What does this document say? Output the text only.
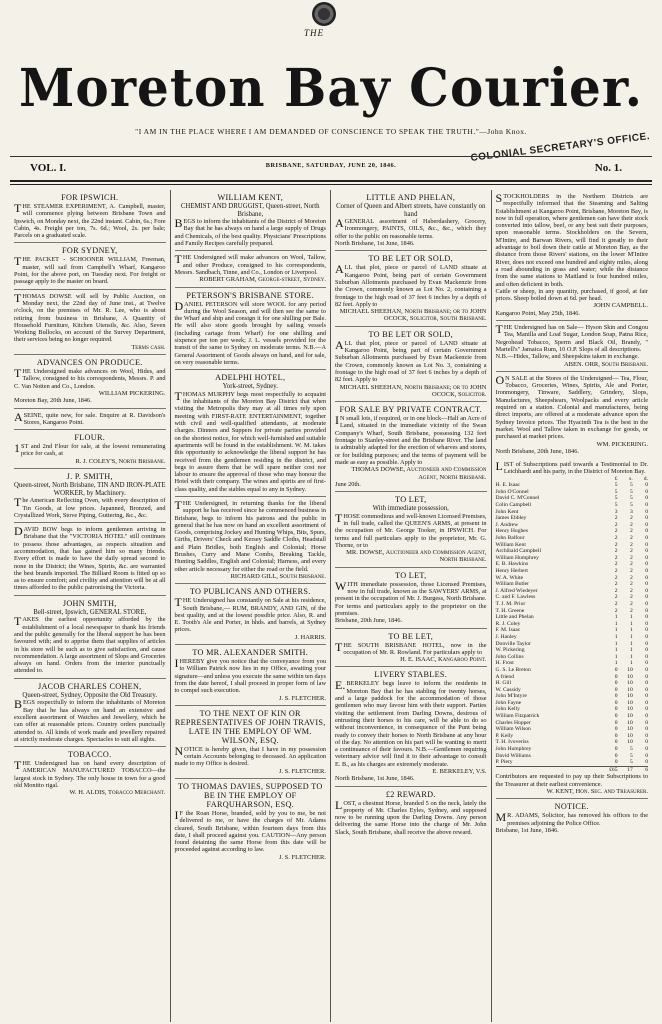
THE
Moreton Bay Courier.
"I AM IN THE PLACE WHERE I AM DEMANDED OF CONSCIENCE TO SPEAK THE TRUTH."—John Knox.
COLONIAL SECRETARY'S OFFICE.
VOL. I.	BRISBANE, SATURDAY, JUNE 20, 1846.	No. 1.
FOR IPSWICH.
THE STEAMER EXPERIMENT, A. Campbell, master, will commence plying between Brisbane Town and Ipswich, on Monday next, the 22nd instant. Cabin, 6s.; Fore Cabin, 4s. Freight per ton, 7s. 6d.; Wool, 2s. per bale; Parcels on a graduated scale.
FOR SYDNEY,
THE PACKET - SCHOONER WILLIAM, Freeman, master, will sail from Campbell's Wharf, Kangaroo Point, for the above port, on Tuesday next. For freight or passage apply to the master on board.
THOMAS DOWSE will sell by Public Auction, on Monday next, the 22nd day of June inst., at Twelve o'clock, on the premises of Mr. R. Lee, who is about retiring from business in Brisbane, A Quantity of Household Furniture, Kitchen Utensils, &c. Also, Seven Working Bullocks, on account of the Survey Department, their services being no longer required.
Terms cash.
ADVANCES ON PRODUCE.
THE Undersigned make advances on Wool, Hides, and Tallow, consigned to his correspondents, Messrs. P. and C. Van Notten and Co., London.
WILLIAM PICKERING.
Moreton Bay, 20th June, 1846.
ASEINE, quite new, for sale. Enquire at R. Davidson's Stores, Kangaroo Point.
FLOUR.
1ST and 2nd Flour for sale, at the lowest remunerating price for cash, at
R. J. COLEY'S, North Brisbane.
J. P. SMITH,
Queen-street, North Brisbane, TIN AND IRON-PLATE WORKER, by Machinery.
The American Reflecting Oven, with every description of Tin Goods, at low prices. Japanned, Bronzed, and Crystallized Work, Stove Piping, Guttering, &c., &c.
DAVID BOW begs to inform gentlemen arriving in Brisbane that the "VICTORIA HOTEL" still continues to possess those advantages, as respects situation and accommodation, that has gained him so many friends. Every effort is made to have the daily spread second to none in the District; the Wines, Spirits, &c. are warranted the best brands imported. The Billiard Room is fitted up so as to ensure comfort; and civility and attention will be at all times afforded to the public patronising the Victoria.
JOHN SMITH,
Bell-street, Ipswich, GENERAL STORE,
TAKES the earliest opportunity afforded by the establishment of a local newspaper to thank his friends and the public generally for the liberal support he has been favoured with; and to apprise them that supplies of articles in his store will be such as to give satisfaction, and cause recommendation. A large assortment of Slops and Groceries always on hand. Orders from the interior punctually attended to.
JACOB CHARLES COHEN,
Queen-street, Sydney, Opposite the Old Treasury.
BEGS respectfully to inform the inhabitants of Moreton Bay that he has always on hand an extensive and excellent assortment of Watches and Jewellery, which he can offer at reasonable prices. Country orders punctually attended to. All kinds of work made and jewellery repaired at strictly moderate charges. Spectacles to suit all sights.
TOBACCO.
THE Undersigned has on hand every description of AMERICAN MANUFACTURED TOBACCO—the largest stock in Sydney. The only house in town for a good old Monitto rigal.
W. H. ALDIS, Tobacco Merchant.
WILLIAM KENT,
CHEMIST AND DRUGGIST, Queen-street, North Brisbane,
BEGS to inform the inhabitants of the District of Moreton Bay that he has always on hand a large supply of Drugs and Chemicals, of the best quality. Physicians' Prescriptions and Family Recipes carefully prepared.
THE Undersigned will make advances on Wool, Tallow, and other Produce, consigned to his correspondents, Messrs. Sandbach, Tinne, and Co., London or Liverpool.
ROBERT GRAHAM, George-street, Sydney.
PETERSON'S BRISBANE STORE.
DANIEL PETERSON will store WOOL for any period during the Wool Season, and will then see the same to the Wharf and ship and consign it for one shilling per Bale. He will also store goods brought by sailing vessels (including cartage from Wharf) for one shilling and sixpence per ton per week; J. L. vessels provided for the transit of the same to Sydney on moderate terms. N.B.—A General Assortment of Goods always on hand, and for sale, on very reasonable terms.
ADELPHI HOTEL,
York-street, Sydney.
THOMAS MURPHY begs most respectfully to acquaint the inhabitants of the Moreton Bay District that when visiting the Metropolis they may at all times rely upon meeting with FIRST-RATE ENTERTAINMENT, together with civil and well-qualified attendants, at moderate charges. Dinners and Suppers for private parties provided on the shortest notice, for which well-furnished and suitable apartments will be found in the establishment. W. M. takes this opportunity to acknowledge the liberal support he has received from the gentlemen residing in the district, and begs to assure them that he will spare neither cost nor labour to ensure the approval of those who may honour the Hotel with their company. The wines and spirits are of first-class quality, and the stables equal to any in Sydney.
THE Undersigned, in returning thanks for the liberal support he has received since he commenced business in Brisbane, begs to inform his patrons and the public in general that he has now on hand an excellent assortment of Goods, comprising Jockey and Hunting Whips, Bits, Spurs, Girths, Drivers' Check and Kersey Saddle Cloths, Headstall and Plain Bridles, both English and Colonial; Horse Brushes, Curry and Mane Combs, Breaking Tackle, Hunting Saddles, English and Colonial; Harness, and every other article necessary for either the road or the field.
RICHARD GILL, South Brisbane.
TO PUBLICANS AND OTHERS.
THE Undersigned has constantly on Sale at his residence, South Brisbane,— RUM, BRANDY, AND GIN, of the best quality, and at the lowest possible price. Also, R. and E. Tooth's Ale and Porter, in hhds. and barrels, at Sydney prices.
J. HARRIS.
TO MR. ALEXANDER SMITH.
IHEREBY give you notice that the conveyance from you to William Patrick now lies in my Office, awaiting your signature—and unless you execute the same within ten days from the date hereof, I shall proceed in proper form of law to compel such execution.
J. S. FLETCHER.
TO THE NEXT OF KIN OR REPRESENTATIVES OF JOHN TRAVIS, LATE IN THE EMPLOY OF WM. WILSON, ESQ.
NOTICE is hereby given, that I have in my possession certain Accounts belonging to deceased. An application made to my Office is desired.
J. S. FLETCHER.
TO THOMAS DAVIES, SUPPOSED TO BE IN THE EMPLOY OF FARQUHARSON, ESQ.
IF the Roan Horse, branded, sold by you to me, be not delivered to me, or have the charges of Mr. Adams cleared, South Brisbane, within fourteen days from this date, I shall proceed against you. CAUTION—Any person found detaining the same Horse from this date will be proceeded against according to law.
J. S. FLETCHER.
LITTLE AND PHELAN,
Corner of Queen and Albert streets, have constantly on hand
AGENERAL assortment of Haberdashery, Grocery, Ironmongery, PAINTS, OILS, &c., &c., which they offer to the public on reasonable terms.
North Brisbane, 1st June, 1846.
TO BE LET OR SOLD,
ALL that plot, piece or parcel of LAND situate at Kangaroo Point, being part of certain Government Suburban Allotments purchased by Evan Mackenzie from the Crown, commonly known as Lot No. 2, containing a frontage to the high road of 37 feet 6 inches by a depth of 82 feet. Apply to
MICHAEL SHEEHAN, North Brisbane; or to JOHN OCOCK, Solicitor, South Brisbane.
TO BE LET OR SOLD,
ALL that plot, piece or parcel of LAND situate at Kangaroo Point, being part of certain Government Suburban Allotments purchased by Evan Mackenzie from the Crown, commonly known as Lot No. 3, containing a frontage to the high road of 37 feet 6 inches by a depth of 82 feet. Apply to
MICHAEL SHEEHAN, North Brisbane; or to JOHN OCOCK, Solicitor.
FOR SALE BY PRIVATE CONTRACT.
IN small lots, if required, or in one block—Half an Acre of Land, situated in the immediate vicinity of the Swan Company's Wharf, South Brisbane, possessing 132 feet frontage to Stanley-street and the Brisbane River. The land is admirably adapted for the erection of wharves and stores, or for building purposes; and the terms of payment will be made as easy as possible. Apply to
THOMAS DOWSE, Auctioneer and Commission Agent, North Brisbane.
June 20th.
TO LET,
With immediate possession,
THOSE commodious and well-known Licensed Premises, in full trade, called the QUEEN'S ARMS, at present in the occupation of Mr. George Tooker, in IPSWICH. For terms and full particulars apply to the proprietor, Mr. G. Thorne, or to
MR. DOWSE, Auctioneer and Commission Agent, North Brisbane.
TO LET,
WITH immediate possession, those Licensed Premises, now in full trade, known as the SAWYERS' ARMS, at present in the occupation of Mr. J. Burgess, North Brisbane. For terms and particulars apply to the proprietor on the premises.
Brisbane, 20th June, 1846.
TO BE LET,
THE SOUTH BRISBANE HOTEL, now in the occupation of Mr. R. Rowland. For particulars apply to
H. E. ISAAC, Kangaroo Point.
LIVERY STABLES.
E.BERKELEY begs leave to inform the residents in Moreton Bay that he has stabling for twenty horses, and a large paddock for the accommodation of those gentlemen who may favour him with their support. Parties visiting the settlement from Darling Downs, desirous of entrusting their horses to his care, will be able to do so without inconvenience, in consequence of the Punt being ready to convey their horses to North Brisbane at any hour of the day. No attention on his part will be wanting to merit a continuance of their favours. N.B.—Gentlemen requiring veterinary advice will find it to their advantage to consult E. B., as his charges are extremely moderate.
E. BERKELEY, V.S.
North Brisbane, 1st June, 1846.
£2 REWARD.
LOST, a chestnut Horse, branded 5 on the neck, lately the property of Mr. Charles Eyles, Sydney, and supposed now to be running upon the Darling Downs. Any person delivering the same Horse into the charge of Mr. John Slack, South Brisbane, shall receive the above reward.
STOCKHOLDERS in the Northern Districts are respectfully informed that the Steaming and Salting Establishment at Kangaroo Point, Brisbane, Moreton Bay, is now in full operation, where gentlemen can have their stock converted into tallow, beef, or any best suit their purposes, upon reasonable terms. Stockholders on the Severn, M'Intire, and Barwan Rivers, will find it greatly to their advantage to boil down their cattle at Moreton Bay, as the distance from those Rivers' stations, on the lower M'Intire River, does not exceed one hundred and eighty miles, along a road abounding in grass and water; while the distance from the same stations to Maitland is four hundred miles, and often deficient in both.
Cattle or sheep, in any quantity, purchased, if good, at fair prices. Sheep boiled down at 6d. per head.
JOHN CAMPBELL.
Kangaroo Point, May 25th, 1846.
THE Undersigned has on Sale— Hyson Skin and Congou Tea, Manilla and Loaf Sugar, London Soap, Patna Rice, Negrohead Tobacco, Sperm and Black Oil, Brandy, " Martell's" Jamaica Rum, 10 O.P. Slops of all descriptions.
N.B.—Hides, Tallow, and Sheepskins taken in exchange.
ABEN. ORR, South Brisbane.
ON SALE at the Stores of the Undersigned— Tea, Flour, Tobacco, Groceries, Wines, Spirits, Ale and Porter, Ironmongery, Tinware, Saddlery, Grindery, Slops, Manufactures, Sheepshears, Woolpacks and every article required on a station. Colonial and manufactures, being direct imports, are offered at a moderate advance upon the Sydney Invoice prices. The Hyacinth Tea is the best in the market. Wool and Tallow taken in exchange for goods, or purchased at market prices.
WM. PICKERING.
North Brisbane, 20th June, 1846.
LIST of Subscriptions paid towards a Testimonial to Dr. Leichhardt and his party, in the District of Moreton Bay.
	£	s.	d.
H. E. Isaac	5	5	0
John O'Connel	5	5	0
David C. M'Connel	5	5	0
Colin Campbell	5	5	0
John Kent	3	3	0
James Ebbley	2	2	0
J. Andrew	2	2	0
Henry Hughes	2	2	0
John Balfour	2	2	0
William Kent	2	2	0
Archibald Campbell	2	2	0
William Humphrey	2	2	0
E. B. Hawkins	2	2	0
Henry Herbert	2	2	0
W. A. White	2	2	0
William Butler	2	2	0
J. Alfred Wiedeyer	2	2	0
C. and F. Lawless	2	2	0
T. J. M. Prior	2	2	0
T. H. Greene	2	2	0
Little and Phelan	1	1	0
R. J. Coley	1	1	0
F. M. Isaac	1	1	0
J. Hanley	1	1	0
Donville Taylor	1	1	0
W. Pickering	1	1	0
John Collins	1	1	0
H. Frost	1	1	0
G. S. Le Breton	0	10	0
A friend	0	10	0
H. Gill	0	10	0
W. Cassidy	0	10	0
John M'Intyre	0	10	0
John Fayne	0	10	0
John Kelly	0	10	0
William Fitzpatrick	0	10	0
Charles Hopper	0	10	0
William Wilson	0	10	0
P. Kelly	0	10	0
T. H. Ivoveriss	0	10	0
John Humphrey	0	5	0
David Williams	0	5	0
P. Piery	0	5	0
	£65	17	6
Contributors are requested to pay up their Subscriptions to the Treasurer at their earliest convenience.
W. KENT, Hon. Sec. and Treasurer.
NOTICE.
MR. ADAMS, Solicitor, has removed his offices to the premises adjoining the Police Office.
Brisbane, 1st June, 1846.
